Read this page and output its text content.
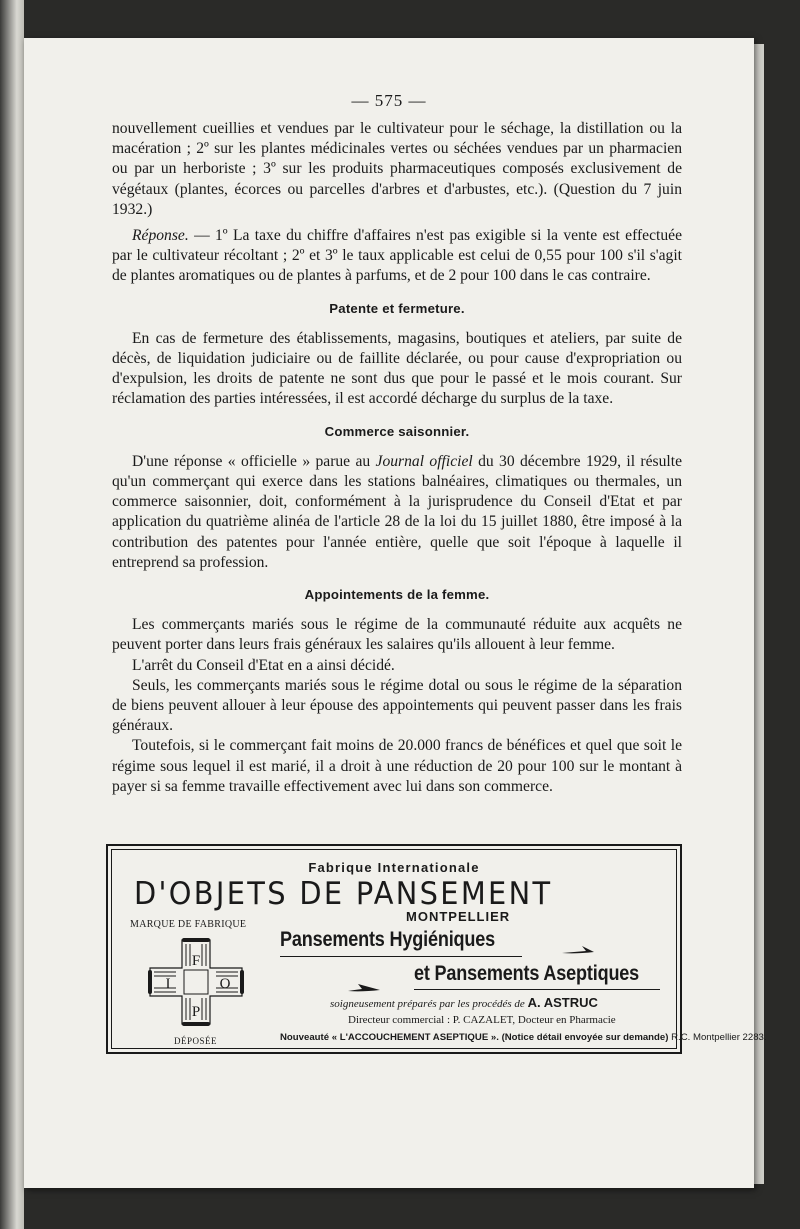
— 575 —

nouvellement cueillies et vendues par le cultivateur pour le séchage, la distillation ou la macération ; 2º sur les plantes médicinales vertes ou séchées vendues par un pharmacien ou par un herboriste ; 3º sur les produits pharmaceutiques composés exclusivement de végétaux (plantes, écorces ou parcelles d'arbres et d'arbustes, etc.). (Question du 7 juin 1932.)

Réponse. — 1º La taxe du chiffre d'affaires n'est pas exigible si la vente est effectuée par le cultivateur récoltant ; 2º et 3º le taux applicable est celui de 0,55 pour 100 s'il s'agit de plantes aromatiques ou de plantes à parfums, et de 2 pour 100 dans le cas contraire.

Patente et fermeture.

En cas de fermeture des établissements, magasins, boutiques et ateliers, par suite de décès, de liquidation judiciaire ou de faillite déclarée, ou pour cause d'expropriation ou d'expulsion, les droits de patente ne sont dus que pour le passé et le mois courant. Sur réclamation des parties intéressées, il est accordé décharge du surplus de la taxe.

Commerce saisonnier.

D'une réponse « officielle » parue au Journal officiel du 30 décembre 1929, il résulte qu'un commerçant qui exerce dans les stations balnéaires, climatiques ou thermales, un commerce saisonnier, doit, conformément à la jurisprudence du Conseil d'Etat et par application du quatrième alinéa de l'article 28 de la loi du 15 juillet 1880, être imposé à la contribution des patentes pour l'année entière, quelle que soit l'époque à laquelle il entreprend sa profession.

Appointements de la femme.

Les commerçants mariés sous le régime de la communauté réduite aux acquêts ne peuvent porter dans leurs frais généraux les salaires qu'ils allouent à leur femme.

L'arrêt du Conseil d'Etat en a ainsi décidé.

Seuls, les commerçants mariés sous le régime dotal ou sous le régime de la séparation de biens peuvent allouer à leur épouse des appointements qui peuvent passer dans les frais généraux.

Toutefois, si le commerçant fait moins de 20.000 francs de bénéfices et quel que soit le régime sous lequel il est marié, il a droit à une réduction de 20 pour 100 sur le montant à payer si sa femme travaille effectivement avec lui dans son commerce.

Fabrique Internationale
D'OBJETS DE PANSEMENT
MARQUE DE FABRIQUE
MONTPELLIER
F
I	O
P
DÉPOSÉE
Pansements Hygiéniques
et Pansements Aseptiques
soigneusement préparés par les procédés de A. ASTRUC
Directeur commercial : P. CAZALET, Docteur en Pharmacie
Nouveauté « L'ACCOUCHEMENT ASEPTIQUE ». (Notice détail envoyée sur demande) R.C. Montpellier 2283.
